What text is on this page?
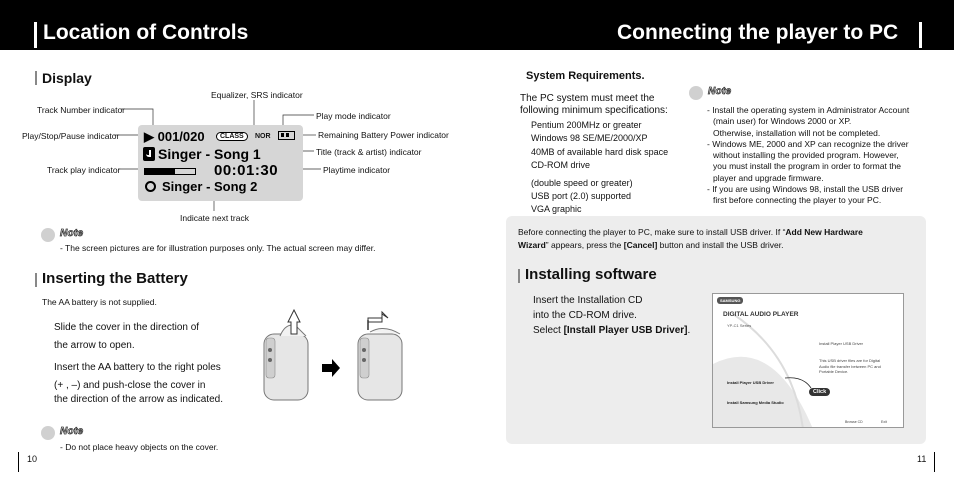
Location of Controls	Connecting the player to PC
Display
Equalizer, SRS indicator
Track Number indicator
Play mode indicator
Play/Stop/Pause indicator	Remaining Battery Power indicator
Title (track & artist) indicator
Track play indicator	Playtime indicator
Indicate next track
▶ 001/020	CLASS	NOR
Singer - Song 1
00:01:30
Singer - Song 2
Note
- The screen pictures are for illustration purposes only. The actual screen may differ.
Inserting the Battery
The AA battery is not supplied.
Slide the cover in the direction of
the arrow to open.
Insert the AA battery to the right poles
(+ , –) and push-close the cover in
the direction of the arrow as indicated.
Note
- Do not place heavy objects on the cover.
10	11
System Requirements.
The PC system must meet the
following minimum specifications:
Pentium 200MHz or greater
Windows 98 SE/ME/2000/XP
40MB of available hard disk space
CD-ROM drive
(double speed or greater)
USB port (2.0) supported
VGA graphic
Note
- Install the operating system in Administrator Account
(main user) for Windows 2000 or XP.
Otherwise, installation will not be completed.
- Windows ME, 2000 and XP can recognize the driver
without installing the provided program. However,
you must install the program in order to format the
player and upgrade firmware.
- If you are using Windows 98, install the USB driver
first before connecting the player to your PC.
Before connecting the player to PC, make sure to install USB driver. If “Add New Hardware
Wizard” appears, press the [Cancel] button and install the USB driver.
Installing software
Insert the Installation CD
into the CD-ROM drive.
Select [Install Player USB Driver].
SAMSUNG
DIGITAL AUDIO PLAYER
YP-C1 Series
Install Player USB Driver
This USB driver files are for Digital
Audio file transfer between PC and
Portable Device.
Install Player USB Driver
Install Samsung Media Studio
Click
Browse CD	Exit
